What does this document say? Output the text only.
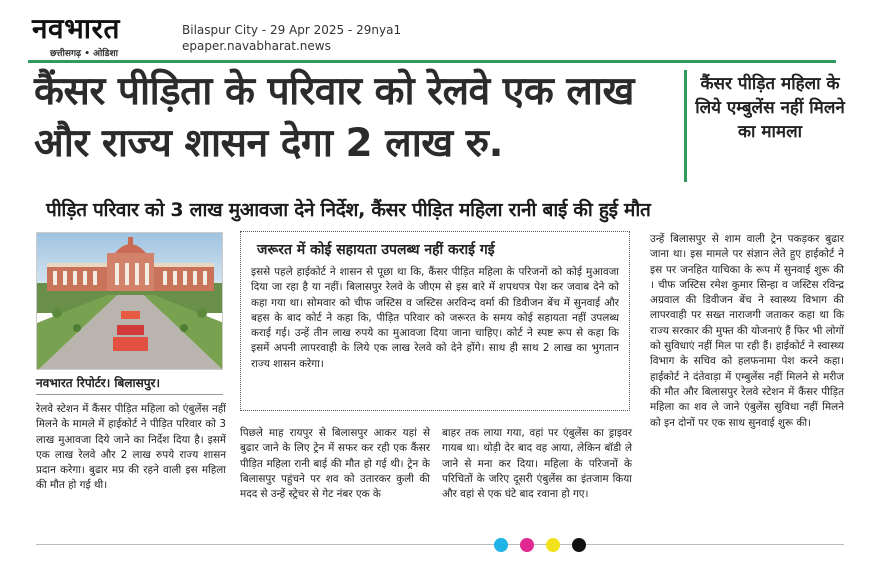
नवभारत
छत्तीसगढ़ • ओडिशा
Bilaspur City - 29 Apr 2025 - 29nya1
epaper.navabharat.news
कैंसर पीड़िता के परिवार को रेलवे एक लाख और राज्य शासन देगा 2 लाख रु.
कैंसर पीड़ित महिला के लिये एम्बुलेंस नहीं मिलने का मामला
पीड़ित परिवार को 3 लाख मुआवजा देने निर्देश, कैंसर पीड़ित महिला रानी बाई की हुई मौत
नवभारत रिपोर्टर। बिलासपुर।
रेलवे स्टेशन में कैंसर पीड़ित महिला को एंबुलेंस नहीं मिलने के मामले में हाईकोर्ट ने पीड़ित परिवार को 3 लाख मुआवजा दिये जाने का निर्देश दिया है। इसमें एक लाख रेलवे और 2 लाख रुपये राज्य शासन प्रदान करेगा। बुढार मप्र की रहने वाली इस महिला की मौत हो गई थी।
जरूरत में कोई सहायता उपलब्ध नहीं कराई गई
इससे पहले हाईकोर्ट ने शासन से पूछा था कि, कैंसर पीड़ित महिला के परिजनों को कोई मुआवजा दिया जा रहा है या नहीं। बिलासपुर रेलवे के जीएम से इस बारे में शपथपत्र पेश कर जवाब देने को कहा गया था। सोमवार को चीफ जस्टिस व जस्टिस अरविन्द वर्मा की डिवीजन बेंच में सुनवाई और बहस के बाद कोर्ट ने कहा कि, पीड़ित परिवार को जरूरत के समय कोई सहायता नहीं उपलब्ध कराई गई। उन्हें तीन लाख रुपये का मुआवजा दिया जाना चाहिए। कोर्ट ने स्पष्ट रूप से कहा कि इसमें अपनी लापरवाही के लिये एक लाख रेलवे को देने होंगे। साथ ही साथ 2 लाख का भुगतान राज्य शासन करेगा।
पिछले माह रायपुर से बिलासपुर आकर यहां से बुढार जाने के लिए ट्रेन में सफर कर रही एक कैंसर पीड़ित महिला रानी बाई की मौत हो गई थी। ट्रेन के बिलासपुर पहुंचने पर शव को उतारकर कुली की मदद से उन्हें स्ट्रेचर से गेट नंबर एक के
बाहर तक लाया गया, वहां पर एंबुलेंस का ड्राइवर गायब था। थोड़ी देर बाद वह आया, लेकिन बॉडी ले जाने से मना कर दिया। महिला के परिजनों के परिचितों के जरिए दूसरी एंबुलेंस का इंतजाम किया और वहां से एक घंटे बाद रवाना हो गए।
उन्हें बिलासपुर से शाम वाली ट्रेन पकड़कर बुढार जाना था। इस मामले पर संज्ञान लेते हुए हाईकोर्ट ने इस पर जनहित याचिका के रूप में सुनवाई शुरू की । चीफ जस्टिस रमेश कुमार सिन्हा व जस्टिस रविन्द्र अग्रवाल की डिवीजन बेंच ने स्वास्थ्य विभाग की लापरवाही पर सख्त नाराजगी जताकर कहा था कि राज्य सरकार की मुफ्त की योजनाएं हैं फिर भी लोगों को सुविधाएं नहीं मिल पा रही हैं। हाईकोर्ट ने स्वास्थ्य विभाग के सचिव को हलफनामा पेश करने कहा। हाईकोर्ट ने दंतेवाड़ा में एम्बुलेंस नहीं मिलने से मरीज की मौत और बिलासपुर रेलवे स्टेशन में कैंसर पीड़ित महिला का शव ले जाने एंबुलेंस सुविधा नहीं मिलने को इन दोनों पर एक साथ सुनवाई शुरू की।
